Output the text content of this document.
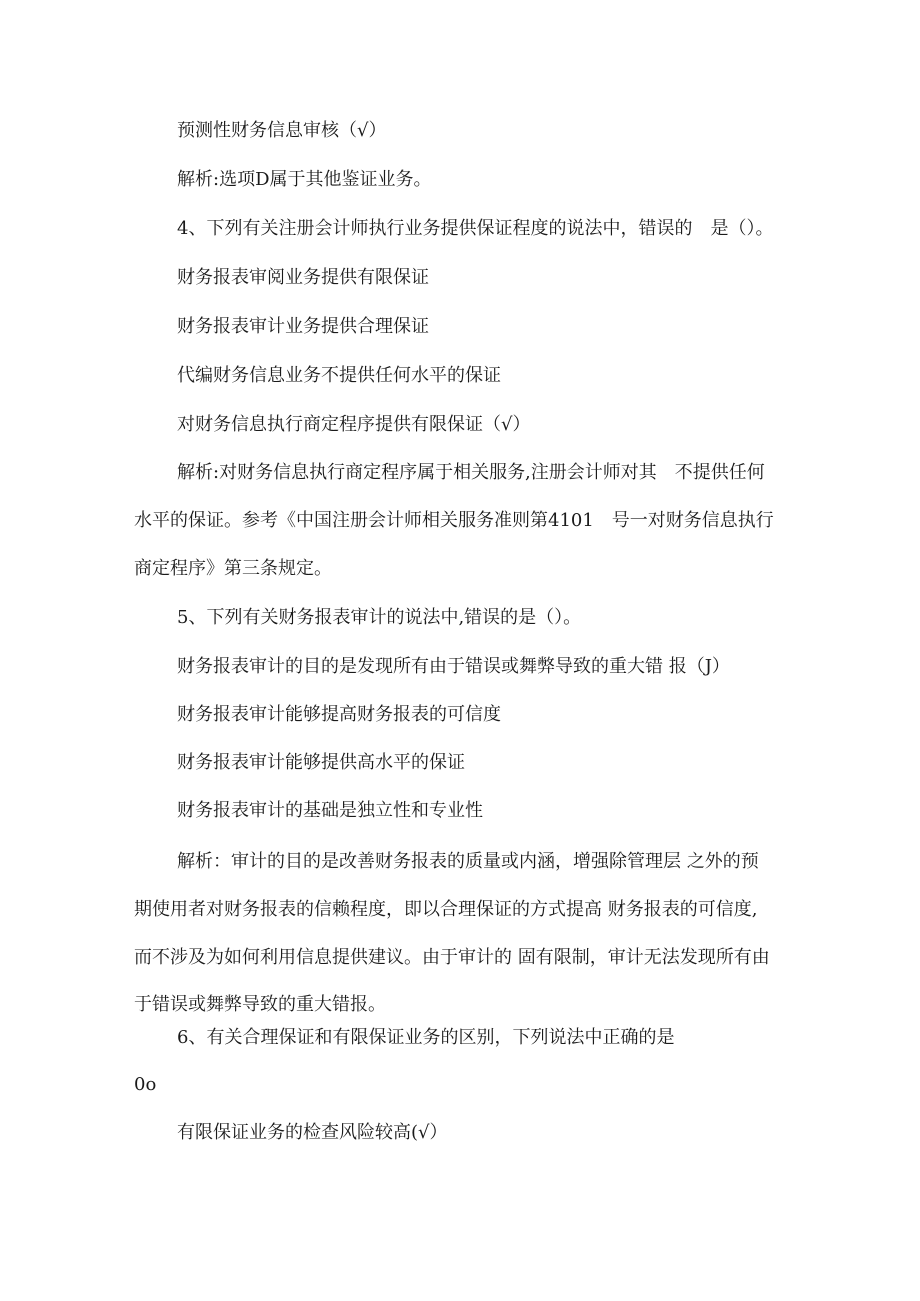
预测性财务信息审核（√）

解析:选项D属于其他鉴证业务。

4、下列有关注册会计师执行业务提供保证程度的说法中，错误的　是（）。

财务报表审阅业务提供有限保证

财务报表审计业务提供合理保证

代编财务信息业务不提供任何水平的保证

对财务信息执行商定程序提供有限保证（√）

解析:对财务信息执行商定程序属于相关服务,注册会计师对其　不提供任何

水平的保证。参考《中国注册会计师相关服务准则第4101　号一对财务信息执行

商定程序》第三条规定。

5、下列有关财务报表审计的说法中,错误的是（）。

财务报表审计的目的是发现所有由于错误或舞弊导致的重大错 报（J）

财务报表审计能够提高财务报表的可信度

财务报表审计能够提供高水平的保证

财务报表审计的基础是独立性和专业性

解析：审计的目的是改善财务报表的质量或内涵，增强除管理层 之外的预

期使用者对财务报表的信赖程度，即以合理保证的方式提高 财务报表的可信度,

而不涉及为如何利用信息提供建议。由于审计的 固有限制，审计无法发现所有由

于错误或舞弊导致的重大错报。

6、有关合理保证和有限保证业务的区别，下列说法中正确的是

0o

有限保证业务的检查风险较高(√）
